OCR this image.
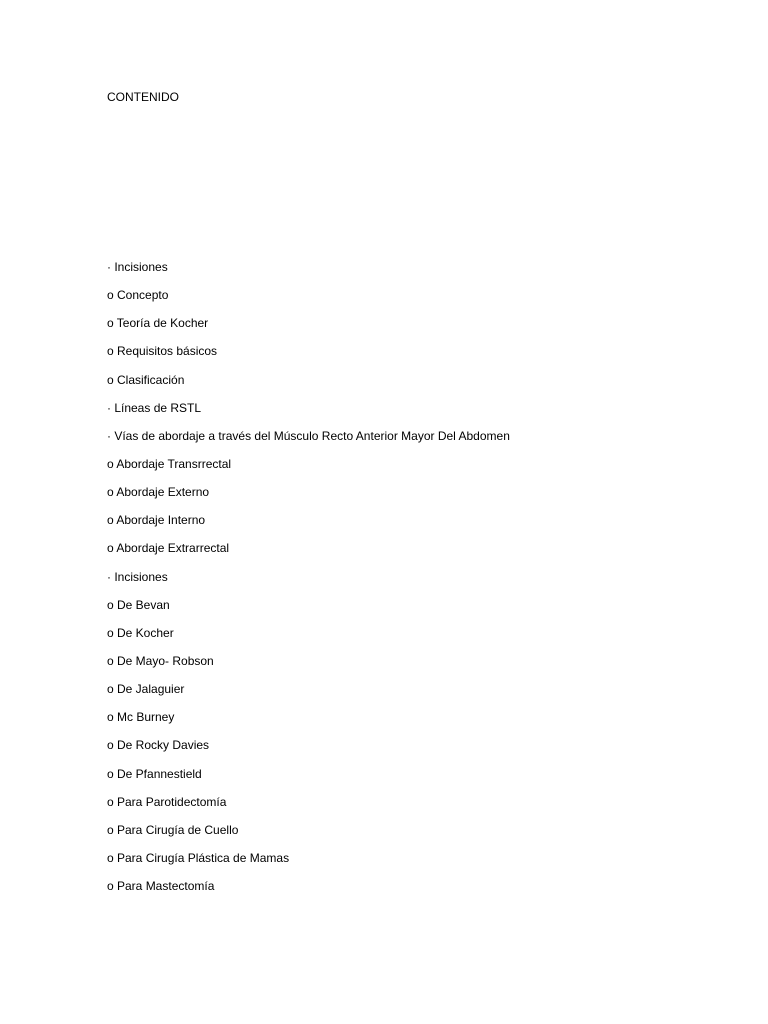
CONTENIDO
· Incisiones
o Concepto
o Teoría de Kocher
o Requisitos básicos
o Clasificación
· Líneas de RSTL
· Vías de abordaje a través del Músculo Recto Anterior Mayor Del Abdomen
o Abordaje Transrrectal
o Abordaje Externo
o Abordaje Interno
o Abordaje Extrarrectal
· Incisiones
o De Bevan
o De Kocher
o De Mayo- Robson
o De Jalaguier
o Mc Burney
o De Rocky Davies
o De Pfannestield
o Para Parotidectomía
o Para Cirugía de Cuello
o Para Cirugía Plástica de Mamas
o Para Mastectomía
